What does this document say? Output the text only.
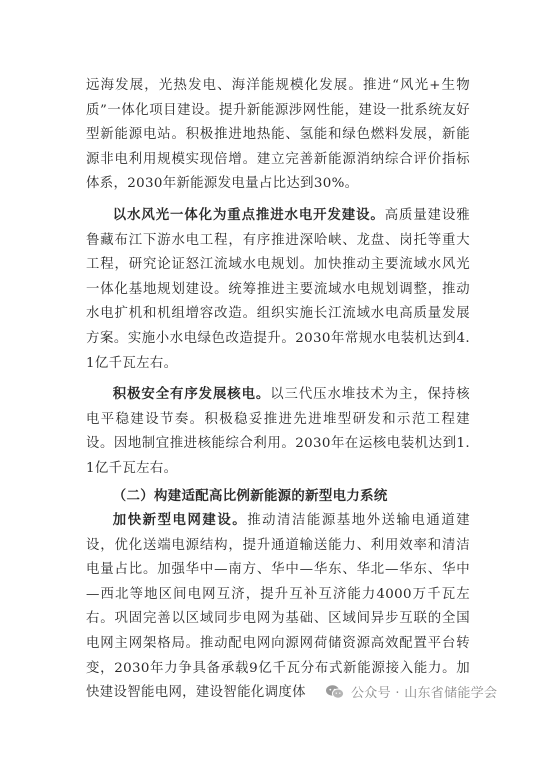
远海发展，光热发电、海洋能规模化发展。推进“风光+生物质”一体化项目建设。提升新能源涉网性能，建设一批系统友好型新能源电站。积极推进地热能、氢能和绿色燃料发展，新能源非电利用规模实现倍增。建立完善新能源消纳综合评价指标体系，2030年新能源发电量占比达到30%。

以水风光一体化为重点推进水电开发建设。高质量建设雅鲁藏布江下游水电工程，有序推进深哈峡、龙盘、岗托等重大工程，研究论证怒江流域水电规划。加快推动主要流域水风光一体化基地规划建设。统筹推进主要流域水电规划调整，推动水电扩机和机组增容改造。组织实施长江流域水电高质量发展方案。实施小水电绿色改造提升。2030年常规水电装机达到4.1亿千瓦左右。

积极安全有序发展核电。以三代压水堆技术为主，保持核电平稳建设节奏。积极稳妥推进先进堆型研发和示范工程建设。因地制宜推进核能综合利用。2030年在运核电装机达到1.1亿千瓦左右。

（二）构建适配高比例新能源的新型电力系统

加快新型电网建设。推动清洁能源基地外送输电通道建设，优化送端电源结构，提升通道输送能力、利用效率和清洁电量占比。加强华中—南方、华中—华东、华北—华东、华中—西北等地区间电网互济，提升互补互济能力4000万千瓦左右。巩固完善以区域同步电网为基础、区域间异步互联的全国电网主网架格局。推动配电网向源网荷储资源高效配置平台转变，2030年力争具备承载9亿千瓦分布式新能源接入能力。加快建设智能电网，建设智能化调度体	公众号 · 山东省储能学会
